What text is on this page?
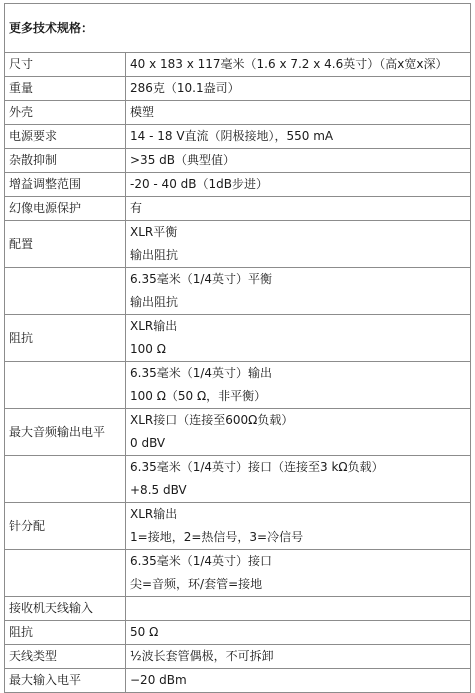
更多技术规格：	
尺寸	40 x 183 x 117毫米（1.6 x 7.2 x 4.6英寸）（高x宽x深）

重量	286克（10.1盎司）

外壳	模塑

电源要求	14 - 18 V直流（阴极接地），550 mA

杂散抑制	>35 dB（典型值）

增益调整范围	-20 - 40 dB（1dB步进）

幻像电源保护	有

配置	XLR平衡
输出阻抗

	6.35毫米（1/4英寸）平衡
输出阻抗

阻抗	XLR输出
100 Ω

	6.35毫米（1/4英寸）输出
100 Ω（50 Ω，非平衡）

最大音频输出电平	XLR接口（连接至600Ω负载）
0 dBV

	6.35毫米（1/4英寸）接口（连接至3 kΩ负载）
+8.5 dBV

针分配	XLR输出
1=接地，2=热信号，3=冷信号

	6.35毫米（1/4英寸）接口
尖=音频，环/套管=接地

接收机天线输入	

阻抗	50 Ω

天线类型	½波长套管偶极，不可拆卸

最大输入电平	−20 dBm
